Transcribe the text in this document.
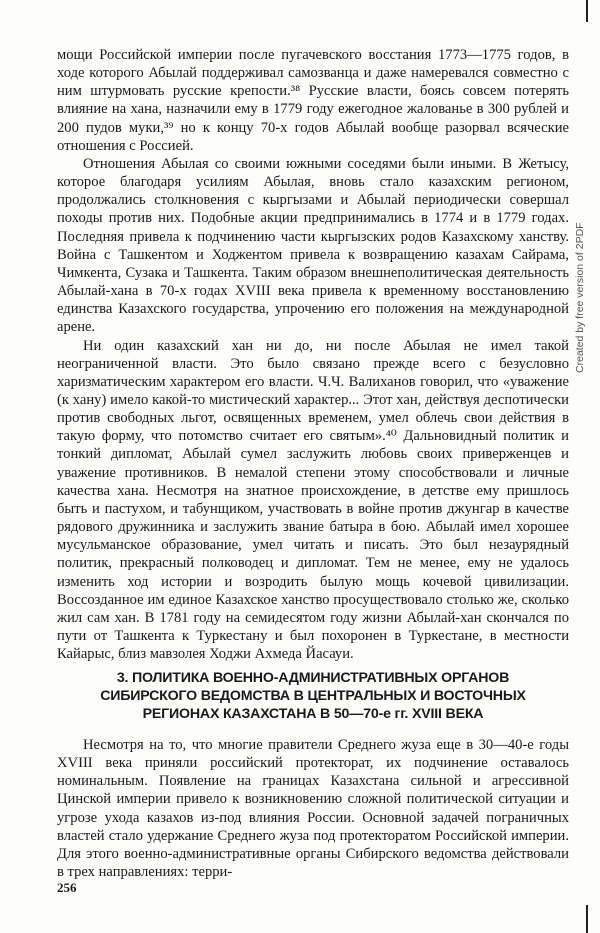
мощи Российской империи после пугачевского восстания 1773—1775 годов, в ходе которого Абылай поддерживал самозванца и даже намеревался совместно с ним штурмовать русские крепости.³⁸ Русские власти, боясь совсем потерять влияние на хана, назначили ему в 1779 году ежегодное жалованье в 300 рублей и 200 пудов муки,³⁹ но к концу 70-х годов Абылай вообще разорвал всяческие отношения с Россией.

Отношения Абылая со своими южными соседями были иными. В Жетысу, которое благодаря усилиям Абылая, вновь стало казахским регионом, продолжались столкновения с кыргызами и Абылай периодически совершал походы против них. Подобные акции предпринимались в 1774 и в 1779 годах. Последняя привела к подчинению части кыргызских родов Казахскому ханству. Война с Ташкентом и Ходжентом привела к возвращению казахам Сайрама, Чимкента, Сузака и Ташкента. Таким образом внешнеполитическая деятельность Абылай-хана в 70-х годах XVIII века привела к временному восстановлению единства Казахского государства, упрочению его положения на международной арене.

Ни один казахский хан ни до, ни после Абылая не имел такой неограниченной власти. Это было связано прежде всего с безусловно харизматическим характером его власти. Ч.Ч. Валиханов говорил, что «уважение (к хану) имело какой-то мистический характер... Этот хан, действуя деспотически против свободных льгот, освященных временем, умел облечь свои действия в такую форму, что потомство считает его святым».⁴⁰ Дальновидный политик и тонкий дипломат, Абылай сумел заслужить любовь своих приверженцев и уважение противников. В немалой степени этому способствовали и личные качества хана. Несмотря на знатное происхождение, в детстве ему пришлось быть и пастухом, и табунщиком, участвовать в войне против джунгар в качестве рядового дружинника и заслужить звание батыра в бою. Абылай имел хорошее мусульманское образование, умел читать и писать. Это был незаурядный политик, прекрасный полководец и дипломат. Тем не менее, ему не удалось изменить ход истории и возродить былую мощь кочевой цивилизации. Воссозданное им единое Казахское ханство просуществовало столько же, сколько жил сам хан. В 1781 году на семидесятом году жизни Абылай-хан скончался по пути от Ташкента к Туркестану и был похоронен в Туркестане, в местности Кайарыс, близ мавзолея Ходжи Ахмеда Йасауи.

3. ПОЛИТИКА ВОЕННО-АДМИНИСТРАТИВНЫХ ОРГАНОВ
СИБИРСКОГО ВЕДОМСТВА В ЦЕНТРАЛЬНЫХ И ВОСТОЧНЫХ
РЕГИОНАХ КАЗАХСТАНА В 50—70-е гг. XVIII ВЕКА

Несмотря на то, что многие правители Среднего жуза еще в 30—40-е годы XVIII века приняли российский протекторат, их подчинение оставалось номинальным. Появление на границах Казахстана сильной и агрессивной Цинской империи привело к возникновению сложной политической ситуации и угрозе ухода казахов из-под влияния России. Основной задачей пограничных властей стало удержание Среднего жуза под протекторатом Российской империи. Для этого военно-административные органы Сибирского ведомства действовали в трех направлениях: терри-

256
Created by free version of 2PDF
